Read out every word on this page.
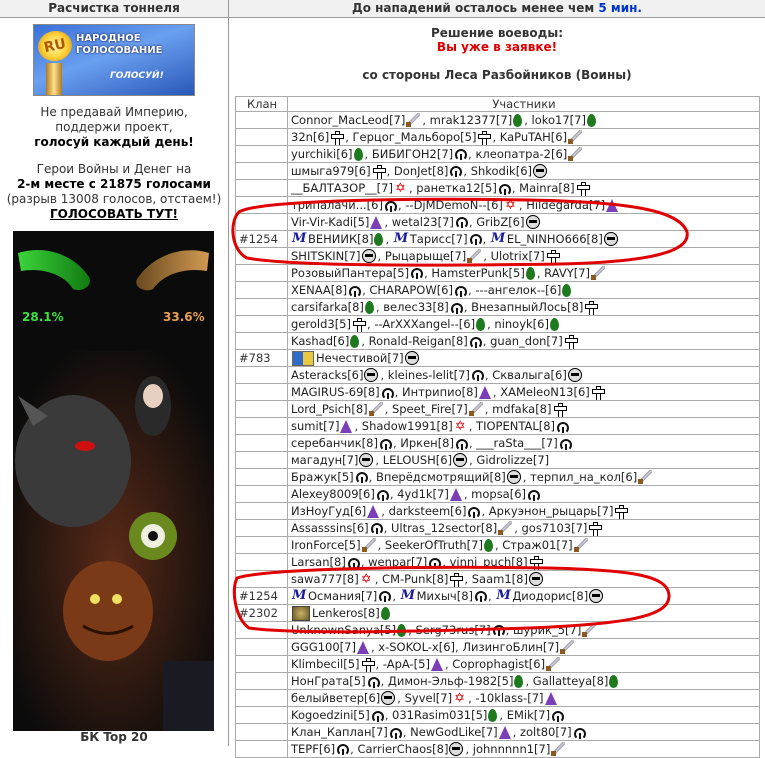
Расчистка тоннеля
RU НАРОДНОЕ
ГОЛОСОВАНИЕ
ГОЛОСУЙ!
Не предавай Империю,
поддержи проект,
голосуй каждый день!
Герои Войны и Денег на
2-м месте с 21875 голосами
(разрыв 13008 голосов, отстаем!)
ГОЛОСОВАТЬ ТУТ!
28.1%	33.6%
БК Top 20
До нападений осталось менее чем 5 мин.
Решение воеводы:
Вы уже в заявке!
со стороны Леса Разбойников (Воины)
Клан	Участники
	Connor_MacLeod[7] , mrak12377[7] , loko17[7]
	32n[6] , Герцог_Мальборо[5] , KaPuTAH[6]
	yurchiki[6] , БИБИГОН2[7] , клеопатра-2[6]
	шмыга979[6] , DonJet[8] , Shkodik[6]
	__БАЛТАЗОР__[7] ✡ , ранетка12[5] , Mainra[8]
	трипалачи...[6] , --DjMDemoN--[6] ✡ , Hildegarda[7]
	Vir-Vir-Kadi[5] , wetal23[7] , GribZ[6]
#1254	M ВЕНИИК[8] , M Тарисс[7] , M EL_NINHO666[8]
	SHITSKIN[7] , Рыцарыще[7] , Ulotrix[7]
	РозовыйПантера[5] , HamsterPunk[5] , RAVY[7]
	XENAA[8] , CHARAPOW[6] , ---ангелок--[6]
	carsifarka[8] , велес33[8] , ВнезапныйЛось[8]
	gerold3[5] , --ArXXXangel--[6] , ninoyk[6]
	Kashad[6] , Ronald-Reigan[8] , guan_don[7]
#783	Нечестивой[7]
	Asteracks[6] , kleines-lelit[7] , Сквалыга[6]
	MAGIRUS-69[8] , Интрипио[8] , XAMeleoN13[6]
	Lord_Psich[8] , Speet_Fire[7] , mdfaka[8]
	sumit[7] , Shadow1991[8] ✡ , TIOPENTAL[8]
	серебанчик[8] , Иркен[8] , ___raSta___[7]
	магадун[7] , LELOUSH[6] , Gidrolizze[7]
	Бражук[5] , Вперёдсмотрящий[8] , терпил_на_кол[6]
	Alexey8009[6] , 4yd1k[7] , mopsa[6]
	ИзНоуГуд[6] , darksteem[6] , Аркуэнон_рыцарь[7]
	Assasssins[6] , Ultras_12sector[8] , gos7103[7]
	IronForce[5] , SeekerOfTruth[7] , Страж01[7]
	Larsan[8] , wenpar[7] , vinni_puch[8]
	sawa777[8] ✡ , CM-Punk[8] , Saam1[8]
#1254	M Османия[7] , M Михыч[8] , M Диодорис[8]
#2302	Lenkeros[8]
	UnknownSanya[5] , Serg73rus[7] , шурик_5[7]
	GGG100[7] , x-SOKOL-x[6], ЛизингоБлин[7]
	Klimbecil[5] , -ApA-[5] , Coprophagist[6]
	НонГрата[5] , Димон-Эльф-1982[5] , Gallatteya[8]
	белыйветер[6] , Syvel[7] ✡ , -10klass-[7]
	Kogoedzini[5] , 031Rasim031[5] , EMik[7]
	Клан_Каплан[7] , NewGodLike[7] , zolt80[7]
	TEPF[6] , CarrierChaos[8] , johnnnnn1[7]
